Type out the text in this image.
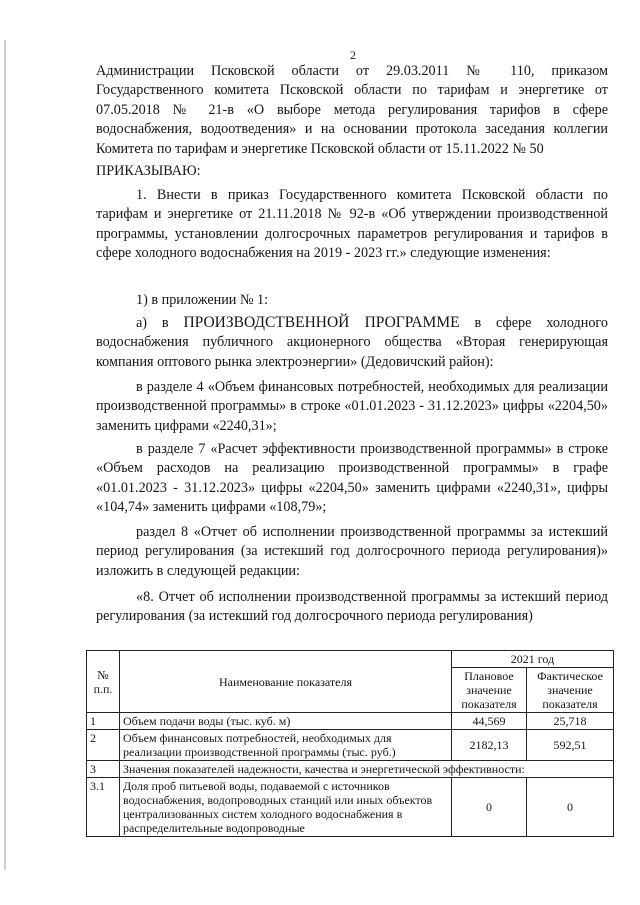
2
Администрации Псковской области от 29.03.2011 № 110, приказом Государственного комитета Псковской области по тарифам и энергетике от 07.05.2018 № 21-в «О выборе метода регулирования тарифов в сфере водоснабжения, водоотведения» и на основании протокола заседания коллегии Комитета по тарифам и энергетике Псковской области от 15.11.2022 № 50
ПРИКАЗЫВАЮ:
1. Внести в приказ Государственного комитета Псковской области по тарифам и энергетике от 21.11.2018 № 92-в «Об утверждении производственной программы, установлении долгосрочных параметров регулирования и тарифов в сфере холодного водоснабжения на 2019 - 2023 гг.» следующие изменения:
1) в приложении № 1:
а) в ПРОИЗВОДСТВЕННОЙ ПРОГРАММЕ в сфере холодного водоснабжения публичного акционерного общества «Вторая генерирующая компания оптового рынка электроэнергии» (Дедовичский район):
в разделе 4 «Объем финансовых потребностей, необходимых для реализации производственной программы» в строке «01.01.2023 - 31.12.2023» цифры «2204,50» заменить цифрами «2240,31»;
в разделе 7 «Расчет эффективности производственной программы» в строке «Объем расходов на реализацию производственной программы» в графе «01.01.2023 - 31.12.2023» цифры «2204,50» заменить цифрами «2240,31», цифры «104,74» заменить цифрами «108,79»;
раздел 8 «Отчет об исполнении производственной программы за истекший период регулирования (за истекший год долгосрочного периода регулирования)» изложить в следующей редакции:
«8. Отчет об исполнении производственной программы за истекший период регулирования (за истекший год долгосрочного периода регулирования)
№ п.п.	Наименование показателя	2021 год	
		Плановое значение показателя	Фактическое значение показателя
1	Объем подачи воды (тыс. куб. м)	44,569	25,718
2	Объем финансовых потребностей, необходимых для реализации производственной программы (тыс. руб.)	2182,13	592,51
3	Значения показателей надежности, качества и энергетической эффективности:		
3.1	Доля проб питьевой воды, подаваемой с источников водоснабжения, водопроводных станций или иных объектов централизованных систем холодного водоснабжения в распределительные водопроводные	0	0
